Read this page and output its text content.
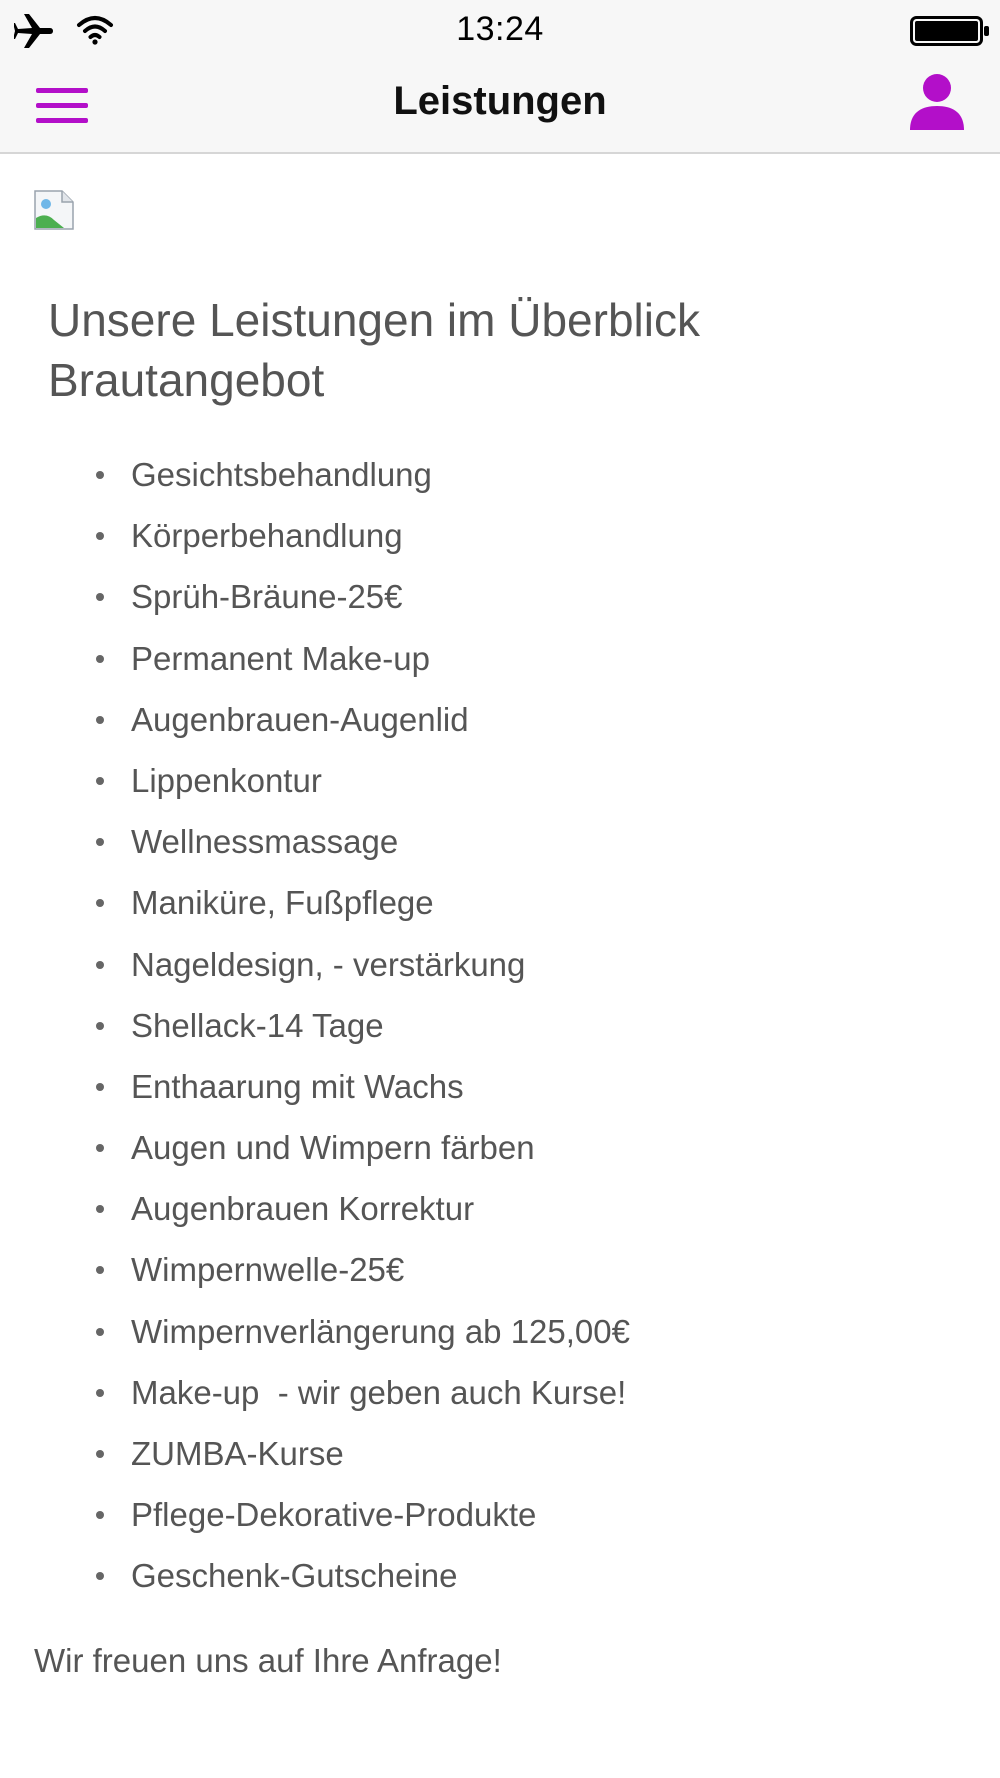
13:24
Leistungen
Unsere Leistungen im Überblick
Brautangebot
Gesichtsbehandlung
Körperbehandlung
Sprüh-Bräune-25€
Permanent Make-up
Augenbrauen-Augenlid
Lippenkontur
Wellnessmassage
Maniküre, Fußpflege
Nageldesign, - verstärkung
Shellack-14 Tage
Enthaarung mit Wachs
Augen und Wimpern färben
Augenbrauen Korrektur
Wimpernwelle-25€
Wimpernverlängerung ab 125,00€
Make-up  - wir geben auch Kurse!
ZUMBA-Kurse
Pflege-Dekorative-Produkte
Geschenk-Gutscheine

Wir freuen uns auf Ihre Anfrage!
